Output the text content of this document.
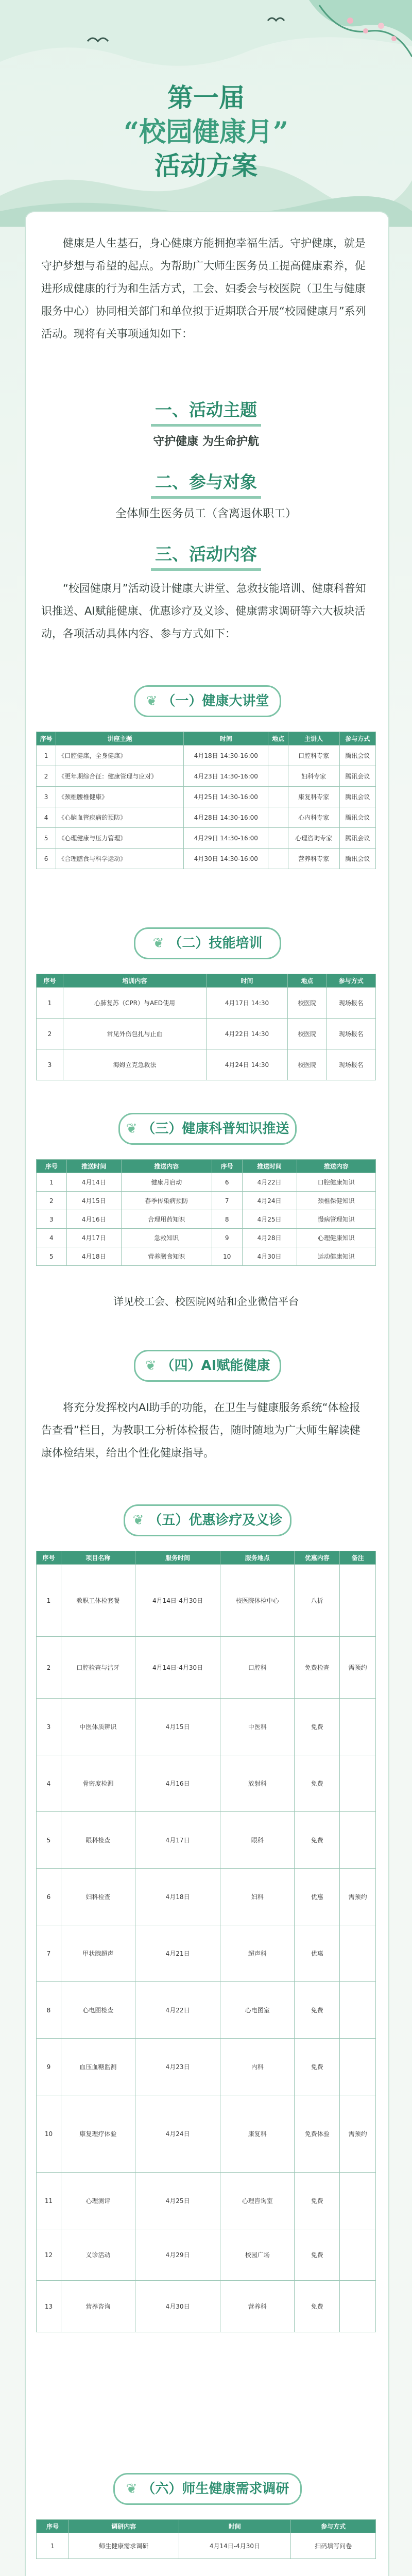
第一届
“校园健康月”
活动方案

健康是人生基石，身心健康方能拥抱幸福生活。守护健康，就是守护梦想与希望的起点。为帮助广大师生医务员工提高健康素养，促进形成健康的行为和生活方式，工会、妇委会与校医院（卫生与健康服务中心）协同相关部门和单位拟于近期联合开展“校园健康月”系列活动。现将有关事项通知如下：

一、活动主题
守护健康 为生命护航
二、参与对象
全体师生医务员工（含离退休职工）
三、活动内容

“校园健康月”活动设计健康大讲堂、急救技能培训、健康科普知识推送、AI赋能健康、优惠诊疗及义诊、健康需求调研等六大板块活动，各项活动具体内容、参与方式如下：

❦ （一）健康大讲堂
序号	讲座主题	时间	地点	主讲人	参与方式
1	《口腔健康，全身健康》	4月18日 14:30-16:00		口腔科专家	腾讯会议
2	《更年期综合征：健康管理与应对》	4月23日 14:30-16:00		妇科专家	腾讯会议
3	《颈椎腰椎健康》	4月25日 14:30-16:00		康复科专家	腾讯会议
4	《心脑血管疾病的预防》	4月28日 14:30-16:00		心内科专家	腾讯会议
5	《心理健康与压力管理》	4月29日 14:30-16:00		心理咨询专家	腾讯会议
6	《合理膳食与科学运动》	4月30日 14:30-16:00		营养科专家	腾讯会议
❦ （二）技能培训
序号	培训内容	时间	地点	参与方式
1	心肺复苏（CPR）与AED使用	4月17日 14:30	校医院	现场报名
2	常见外伤包扎与止血	4月22日 14:30	校医院	现场报名
3	海姆立克急救法	4月24日 14:30	校医院	现场报名
❦ （三）健康科普知识推送
序号	推送时间	推送内容	序号	推送时间	推送内容
1	4月14日	健康月启动	6	4月22日	口腔健康知识
2	4月15日	春季传染病预防	7	4月24日	颈椎保健知识
3	4月16日	合理用药知识	8	4月25日	慢病管理知识
4	4月17日	急救知识	9	4月28日	心理健康知识
5	4月18日	营养膳食知识	10	4月30日	运动健康知识
详见校工会、校医院网站和企业微信平台
❦ （四）AI赋能健康

将充分发挥校内AI助手的功能，在卫生与健康服务系统“体检报告查看”栏目，为教职工分析体检报告，随时随地为广大师生解读健康体检结果，给出个性化健康指导。

❦ （五）优惠诊疗及义诊
序号	项目名称	服务时间	服务地点	优惠内容	备注
1	教职工体检套餐	4月14日-4月30日	校医院体检中心	八折	
2	口腔检查与洁牙	4月14日-4月30日	口腔科	免费检查	需预约
3	中医体质辨识	4月15日	中医科	免费	
4	骨密度检测	4月16日	放射科	免费	
5	眼科检查	4月17日	眼科	免费	
6	妇科检查	4月18日	妇科	优惠	需预约
7	甲状腺超声	4月21日	超声科	优惠	
8	心电图检查	4月22日	心电图室	免费	
9	血压血糖监测	4月23日	内科	免费	
10	康复理疗体验	4月24日	康复科	免费体验	需预约
11	心理测评	4月25日	心理咨询室	免费	
12	义诊活动	4月29日	校园广场	免费	
13	营养咨询	4月30日	营养科	免费	
❦ （六）师生健康需求调研
序号	调研内容	时间	参与方式
1	师生健康需求调研	4月14日-4月30日	扫码填写问卷
